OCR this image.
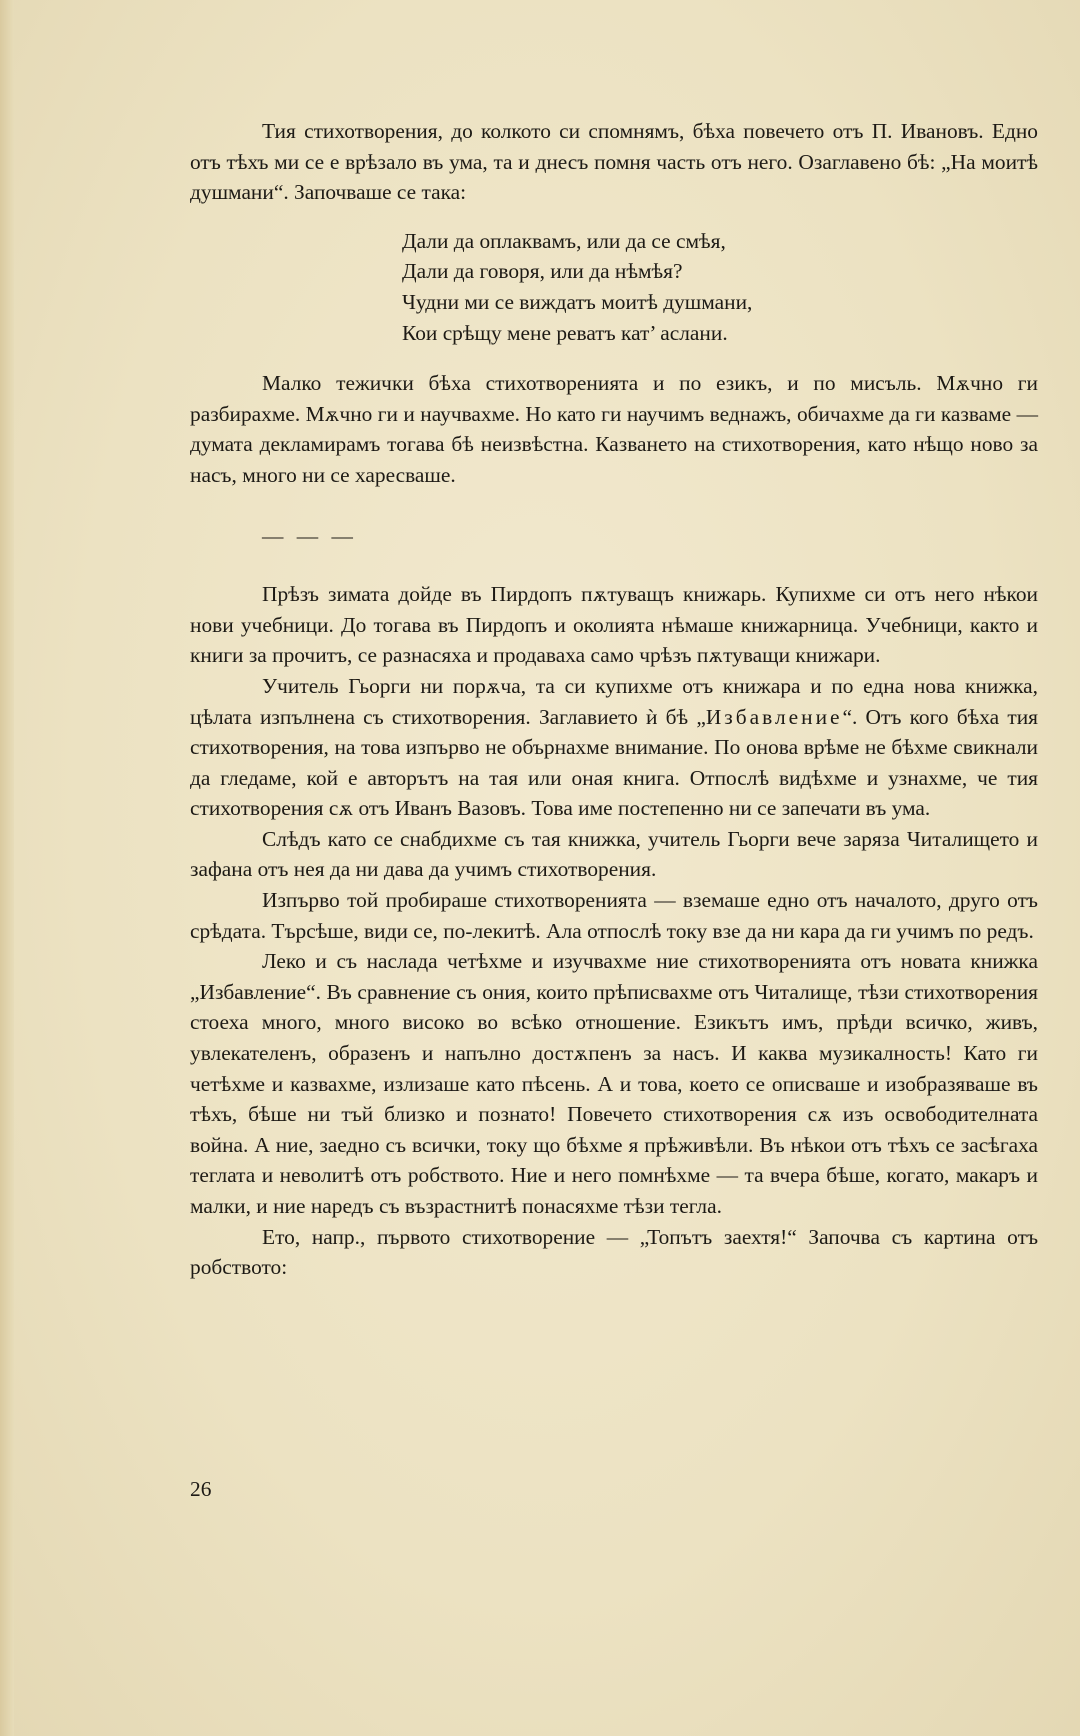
Тия стихотворения, до колкото си спомнямъ, бѣха повечето отъ П. Ивановъ. Едно отъ тѣхъ ми се е врѣзало въ ума, та и днесъ помня часть отъ него. Озаглавено бѣ: „На моитѣ душмани“. Започваше се така:

Дали да оплаквамъ, или да се смѣя,
Дали да говоря, или да нѣмѣя?
Чудни ми се виждатъ моитѣ душмани,
Кои срѣщу мене реватъ кат’ аслани.

Малко тежички бѣха стихотворенията и по езикъ, и по мисъль. Мѫчно ги разбирахме. Мѫчно ги и научвахме. Но като ги научимъ веднажъ, обичахме да ги казваме — думата декламирамъ тогава бѣ неизвѣстна. Казването на стихотворения, като нѣщо ново за насъ, много ни се харесваше.

— — —

Прѣзъ зимата дойде въ Пирдопъ пѫтуващъ книжарь. Купихме си отъ него нѣкои нови учебници. До тогава въ Пирдопъ и околията нѣмаше книжарница. Учебници, както и книги за прочитъ, се разнасяха и продаваха само чрѣзъ пѫтуващи книжари.

Учитель Гьорги ни порѫча, та си купихме отъ книжара и по една нова книжка, цѣлата изпълнена съ стихотворения. Заглавието ѝ бѣ „Избавление“. Отъ кого бѣха тия стихотворения, на това изпърво не обърнахме внимание. По онова врѣме не бѣхме свикнали да гледаме, кой е авторътъ на тая или оная книга. Отпослѣ видѣхме и узнахме, че тия стихотворения сѫ отъ Иванъ Вазовъ. Това име постепенно ни се запечати въ ума.

Слѣдъ като се снабдихме съ тая книжка, учитель Гьорги вече заряза Читалището и зафана отъ нея да ни дава да учимъ стихотворения.

Изпърво той пробираше стихотворенията — вземаше едно отъ началото, друго отъ срѣдата. Търсѣше, види се, по-лекитѣ. Ала отпослѣ току взе да ни кара да ги учимъ по редъ.

Леко и съ наслада четѣхме и изучвахме ние стихотворенията отъ новата книжка „Избавление“. Въ сравнение съ ония, които прѣписвахме отъ Читалище, тѣзи стихотворения стоеха много, много високо во всѣко отношение. Езикътъ имъ, прѣди всичко, живъ, увлекателенъ, образенъ и напълно достѫпенъ за насъ. И каква музикалность! Като ги четѣхме и казвахме, излизаше като пѣсень. А и това, което се описваше и изобразяваше въ тѣхъ, бѣше ни тъй близко и познато! Повечето стихотворения сѫ изъ освободителната война. А ние, заедно съ всички, току що бѣхме я прѣживѣли. Въ нѣкои отъ тѣхъ се засѣгаха теглата и неволитѣ отъ робството. Ние и него помнѣхме — та вчера бѣше, когато, макаръ и малки, и ние наредъ съ възрастнитѣ понасяхме тѣзи тегла.

Ето, напр., първото стихотворение — „Топътъ заехтя!“ Започва съ картина отъ робството:

26
